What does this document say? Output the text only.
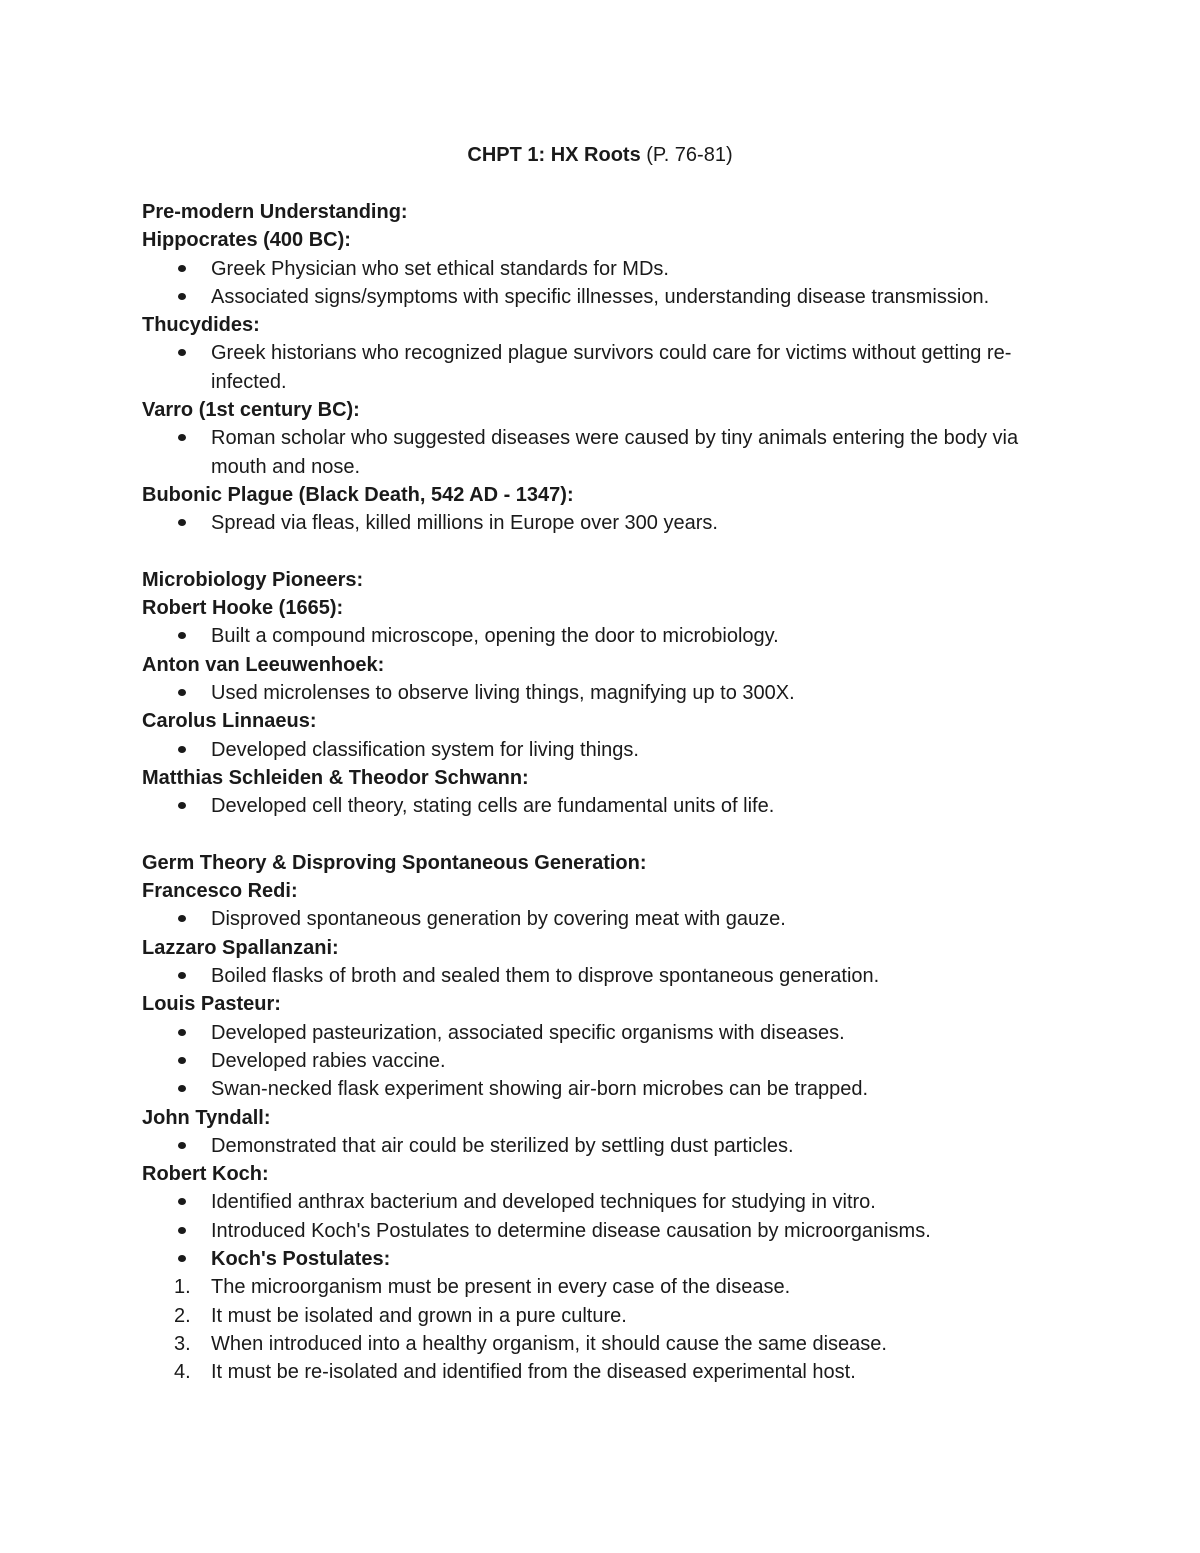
CHPT 1: HX Roots (P. 76-81)

Pre-modern Understanding:

Hippocrates (400 BC):

Greek Physician who set ethical standards for MDs.
Associated signs/symptoms with specific illnesses, understanding disease transmission.

Thucydides:

Greek historians who recognized plague survivors could care for victims without getting re-infected.

Varro (1st century BC):

Roman scholar who suggested diseases were caused by tiny animals entering the body via mouth and nose.

Bubonic Plague (Black Death, 542 AD - 1347):

Spread via fleas, killed millions in Europe over 300 years.

Microbiology Pioneers:

Robert Hooke (1665):

Built a compound microscope, opening the door to microbiology.

Anton van Leeuwenhoek:

Used microlenses to observe living things, magnifying up to 300X.

Carolus Linnaeus:

Developed classification system for living things.

Matthias Schleiden & Theodor Schwann:

Developed cell theory, stating cells are fundamental units of life.

Germ Theory & Disproving Spontaneous Generation:

Francesco Redi:

Disproved spontaneous generation by covering meat with gauze.

Lazzaro Spallanzani:

Boiled flasks of broth and sealed them to disprove spontaneous generation.

Louis Pasteur:

Developed pasteurization, associated specific organisms with diseases.
Developed rabies vaccine.
Swan-necked flask experiment showing air-born microbes can be trapped.

John Tyndall:

Demonstrated that air could be sterilized by settling dust particles.

Robert Koch:

Identified anthrax bacterium and developed techniques for studying in vitro.
Introduced Koch's Postulates to determine disease causation by microorganisms.
Koch's Postulates:
1. The microorganism must be present in every case of the disease.
2. It must be isolated and grown in a pure culture.
3. When introduced into a healthy organism, it should cause the same disease.
4. It must be re-isolated and identified from the diseased experimental host.
